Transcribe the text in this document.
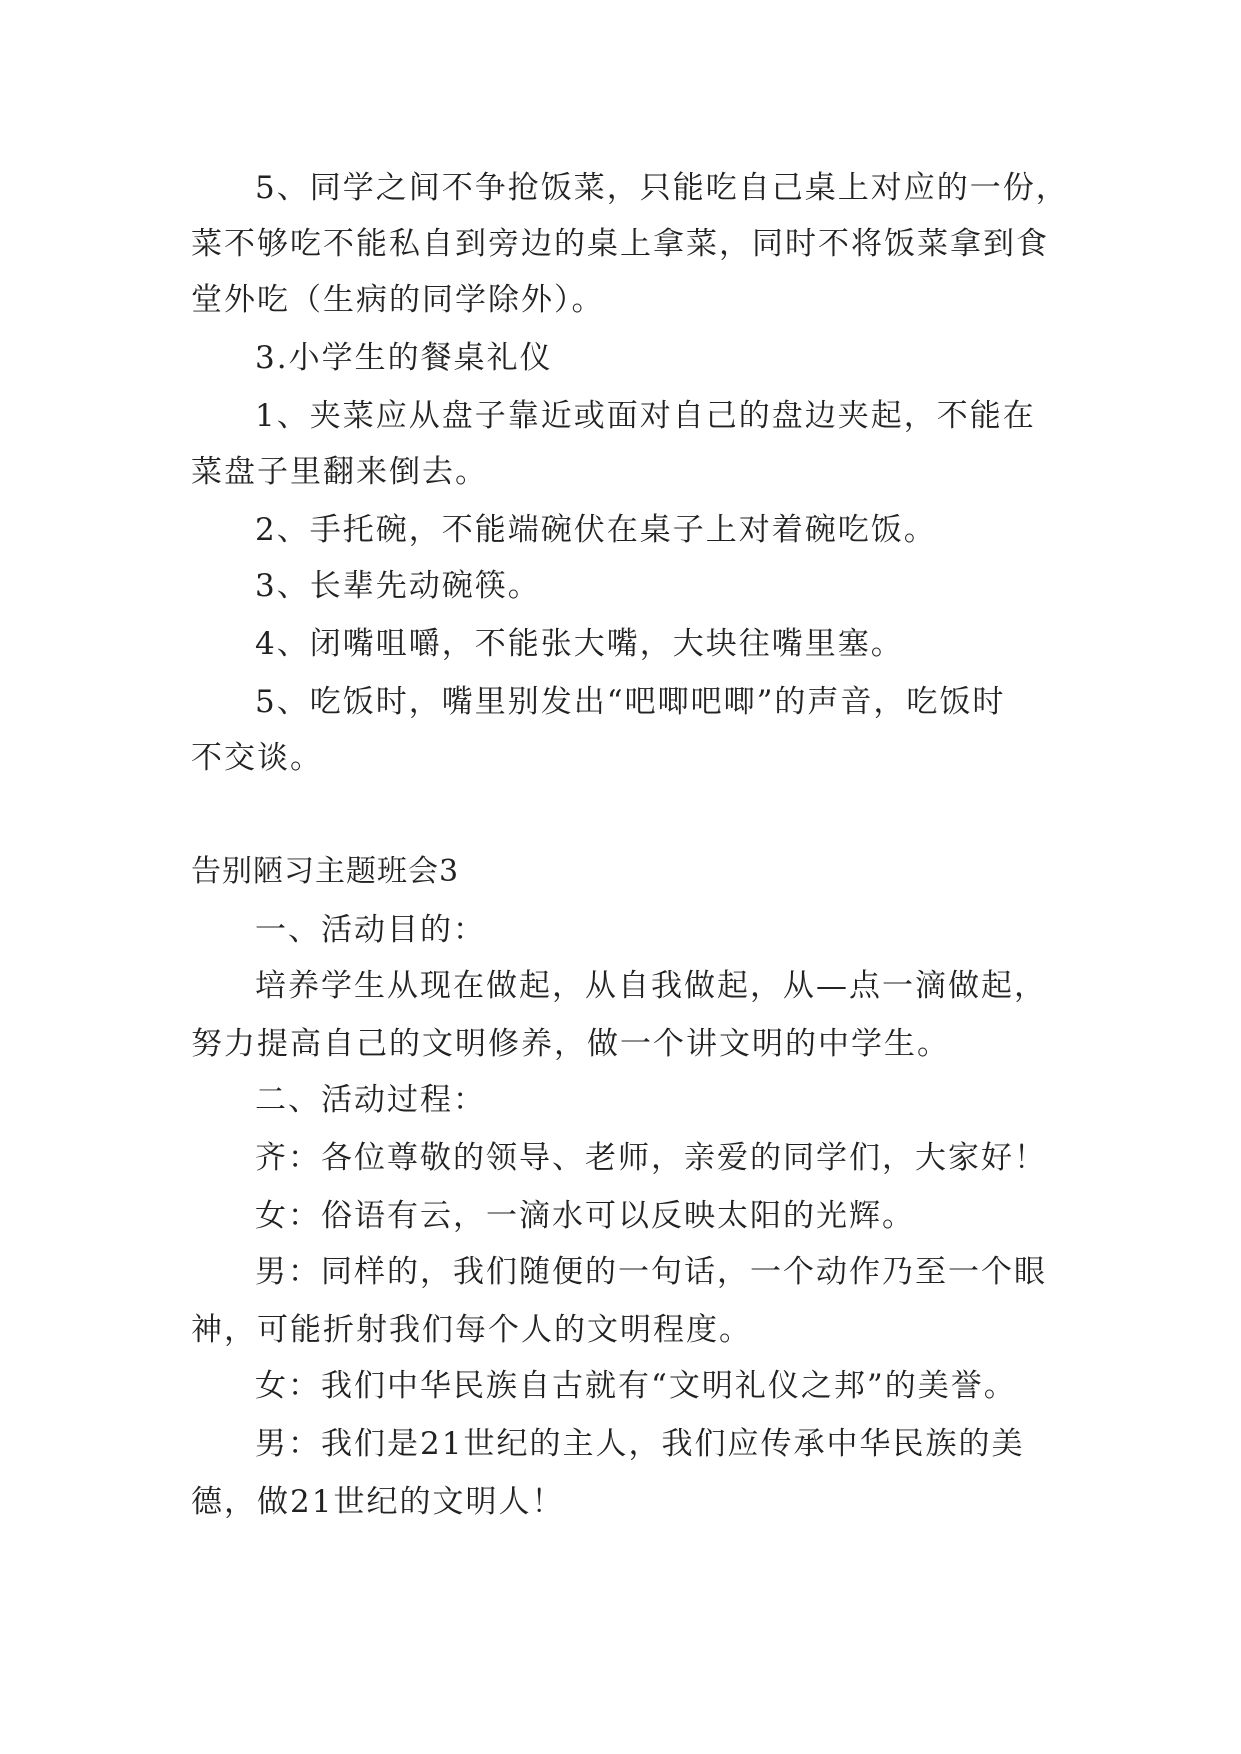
5、同学之间不争抢饭菜，只能吃自己桌上对应的一份，
菜不够吃不能私自到旁边的桌上拿菜，同时不将饭菜拿到食
堂外吃（生病的同学除外）。
3.小学生的餐桌礼仪
1、夹菜应从盘子靠近或面对自己的盘边夹起，不能在
菜盘子里翻来倒去。
2、手托碗，不能端碗伏在桌子上对着碗吃饭。
3、长辈先动碗筷。
4、闭嘴咀嚼，不能张大嘴，大块往嘴里塞。
5、吃饭时，嘴里别发出“吧唧吧唧”的声音，吃饭时
不交谈。
告别陋习主题班会3
一、活动目的：
培养学生从现在做起，从自我做起，从—点一滴做起，
努力提高自己的文明修养，做一个讲文明的中学生。
二、活动过程：
齐：各位尊敬的领导、老师，亲爱的同学们，大家好！
女：俗语有云，一滴水可以反映太阳的光辉。
男：同样的，我们随便的一句话，一个动作乃至一个眼
神，可能折射我们每个人的文明程度。
女：我们中华民族自古就有“文明礼仪之邦”的美誉。
男：我们是21世纪的主人，我们应传承中华民族的美
德，做21世纪的文明人！
